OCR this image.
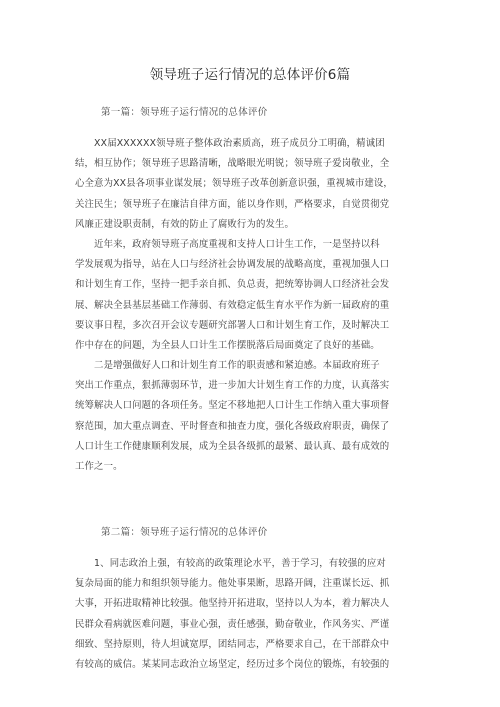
领导班子运行情况的总体评价6篇
第一篇：领导班子运行情况的总体评价
　　XX届XXXXXX领导班子整体政治素质高，班子成员分工明确，精诚团
结，相互协作；领导班子思路清晰，战略眼光明锐；领导班子爱岗敬业，全
心全意为XX县各项事业谋发展；领导班子改革创新意识强，重视城市建设，
关注民生；领导班子在廉洁自律方面，能以身作则，严格要求，自觉贯彻党
风廉正建设职责制，有效的防止了腐败行为的发生。
　　近年来，政府领导班子高度重视和支持人口计生工作，一是坚持以科
学发展观为指导，站在人口与经济社会协调发展的战略高度，重视加强人口
和计划生育工作，坚持一把手亲自抓、负总责，把统筹协调人口经济社会发
展、解决全县基层基础工作薄弱、有效稳定低生育水平作为新一届政府的重
要议事日程，多次召开会议专题研究部署人口和计划生育工作，及时解决工
作中存在的问题，为全县人口计生工作摆脱落后局面奠定了良好的基础。
　　二是增强做好人口和计划生育工作的职责感和紧迫感。本届政府班子
突出工作重点，狠抓薄弱环节，进一步加大计划生育工作的力度，认真落实
统筹解决人口问题的各项任务。坚定不移地把人口计生工作纳入重大事项督
察范围，加大重点调查、平时督查和抽查力度，强化各级政府职责，确保了
人口计生工作健康顺利发展，成为全县各级抓的最紧、最认真、最有成效的
工作之一。
第二篇：领导班子运行情况的总体评价
　　1、同志政治上强，有较高的政策理论水平，善于学习，有较强的应对
复杂局面的能力和组织领导能力。他处事果断，思路开阔，注重谋长远、抓
大事，开拓进取精神比较强。他坚持开拓进取，坚持以人为本，着力解决人
民群众看病就医难问题，事业心强，责任感强，勤奋敬业，作风务实、严谨
细致、坚持原则，待人坦诚宽厚，团结同志，严格要求自己，在干部群众中
有较高的威信。某某同志政治立场坚定，经历过多个岗位的锻炼，有较强的
